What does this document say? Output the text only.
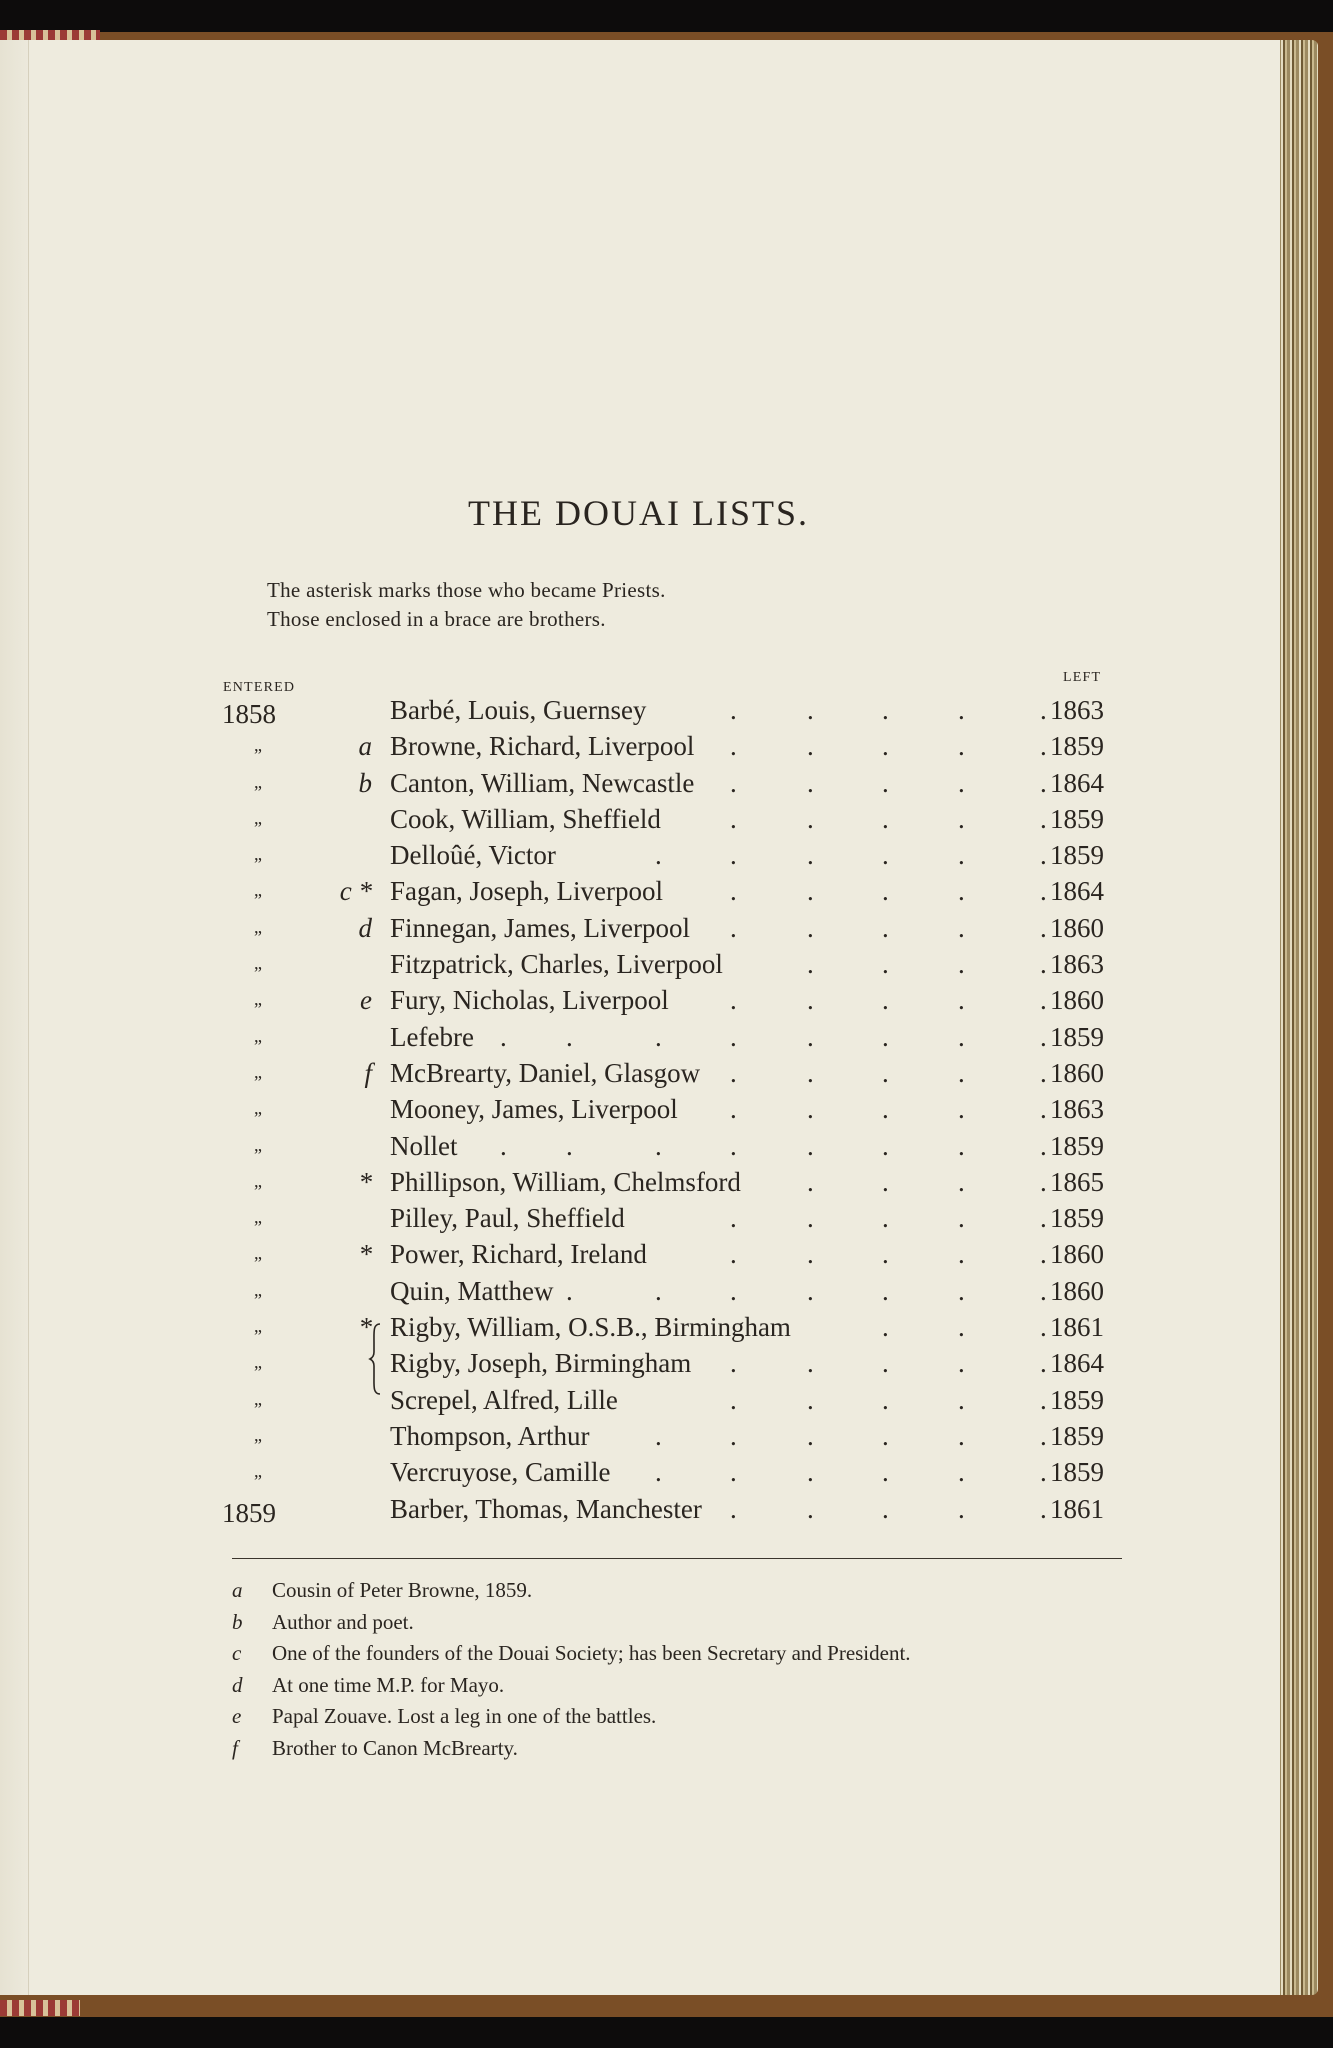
THE DOUAI LISTS.
The asterisk marks those who became Priests.
Those enclosed in a brace are brothers.
ENTERED
LEFT
1858	Barbé, Louis, Guernsey	.	.	.	.	. 1863
”	a Browne, Richard, Liverpool .	.	.	.	. 1859
”	b Canton, William, Newcastle .	.	.	.	. 1864
”	Cook, William, Sheffield	.	.	.	.	. 1859
”	Delloûé, Victor	.	.	.	.	.	. 1859
”	c * Fagan, Joseph, Liverpool .	.	.	.	. 1864
”	d Finnegan, James, Liverpool .	.	.	.	. 1860
”	Fitzpatrick, Charles, Liverpool	.	.	.	. 1863
”	e Fury, Nicholas, Liverpool .	.	.	.	. 1860
”	Lefebre . .	.	.	.	.	.	. 1859
”	f McBrearty, Daniel, Glasgow .	.	.	.	. 1860
”	Mooney, James, Liverpool .	.	.	.	. 1863
”	Nollet . .	.	.	.	.	.	. 1859
”	* Phillipson, William, Chelmsford .	.	.	. 1865
”	Pilley, Paul, Sheffield	.	.	.	.	. 1859
”	* Power, Richard, Ireland	.	.	.	.	. 1860
”	Quin, Matthew .	.	.	.	.	.	. 1860
”	* Rigby, William, O.S.B., Birmingham	.	.	. 1861
”	Rigby, Joseph, Birmingham .	.	.	.	. 1864
”	Screpel, Alfred, Lille	.	.	.	.	. 1859
”	Thompson, Arthur .	.	.	.	.	. 1859
”	Vercruyose, Camille .	.	.	.	.	. 1859
1859	Barber, Thomas, Manchester .	.	.	.	. 1861
a Cousin of Peter Browne, 1859.
b Author and poet.
c One of the founders of the Douai Society; has been Secretary and President.
d At one time M.P. for Mayo.
e Papal Zouave. Lost a leg in one of the battles.
f Brother to Canon McBrearty.
